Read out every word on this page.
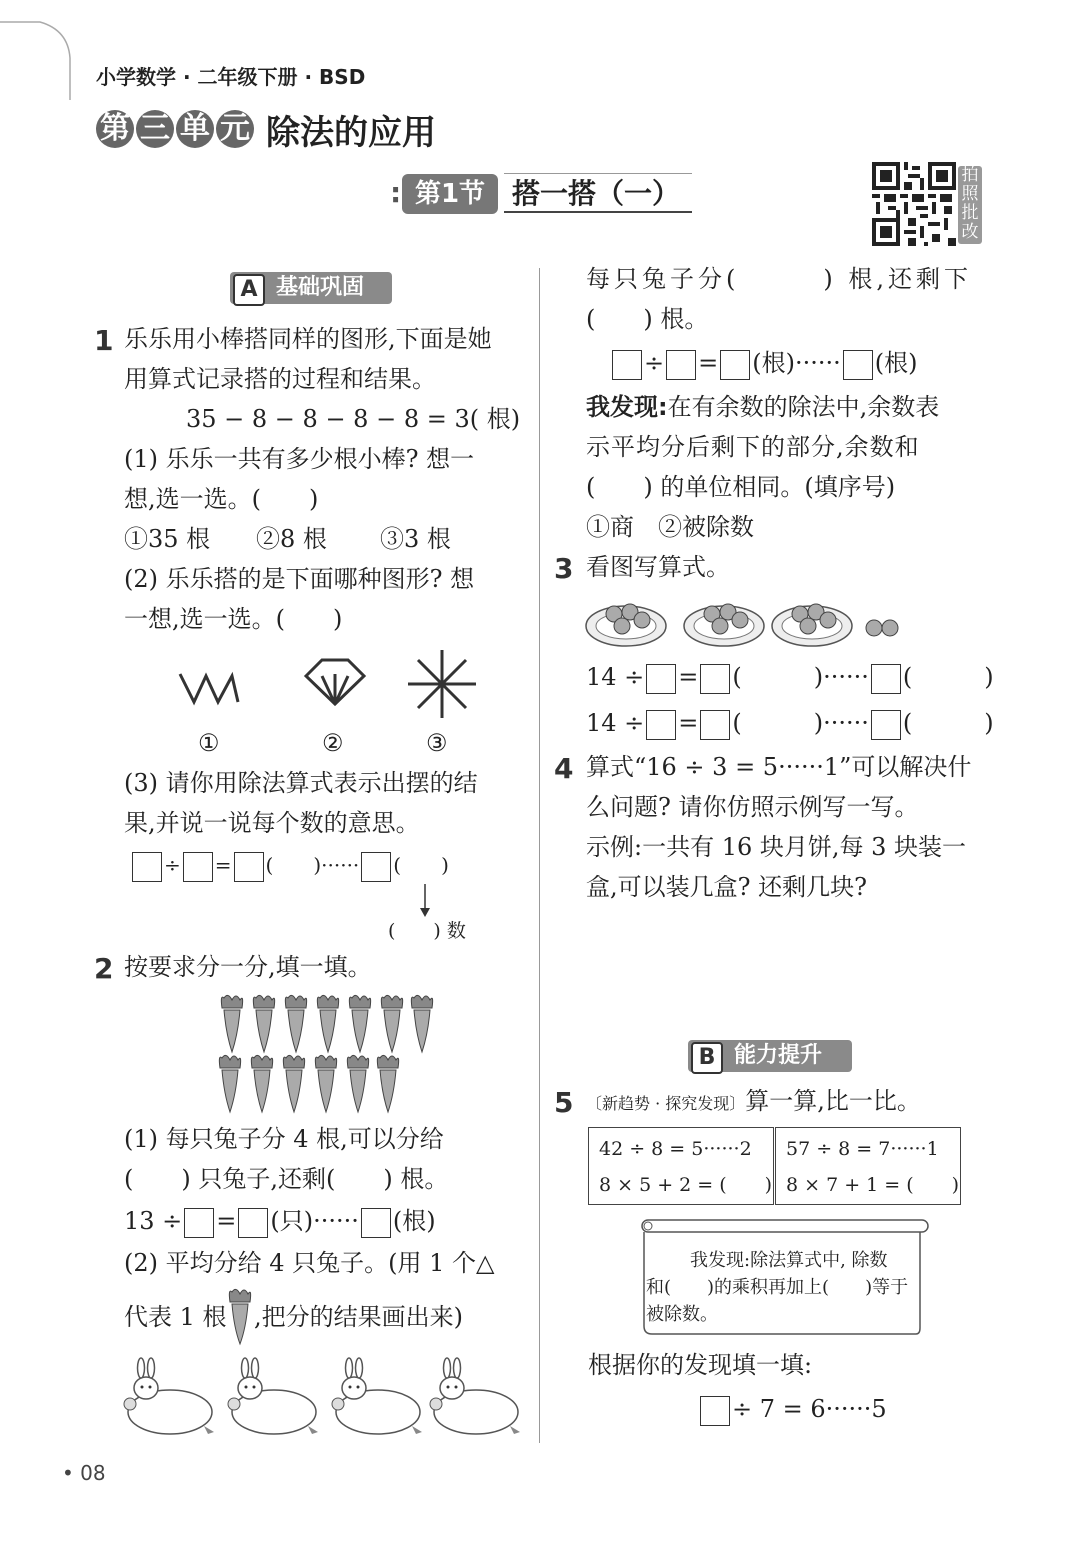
小学数学 · 二年级下册 · BSD
第 三 单 元 除法的应用
: 第1节 搭一搭（一）
拍
照
批
改
A 基础巩固
1 乐乐用小棒搭同样的图形,下面是她
用算式记录搭的过程和结果。
35 − 8 − 8 − 8 − 8 = 3( 根)
(1) 乐乐一共有多少根小棒? 想一
想,选一选。(　　)
①35 根 ②8 根 ③3 根
(2) 乐乐搭的是下面哪种图形? 想
一想,选一选。(　　)
①	②	③
(3) 请你用除法算式表示出摆的结
果,并说一说每个数的意思。
÷ = (　　)······ (　　)
(　　) 数
2 按要求分一分,填一填。
(1) 每只兔子分 4 根,可以分给
(　　) 只兔子,还剩(　　) 根。
13 ÷ = (只)······ (根)
(2) 平均分给 4 只兔子。(用 1 个△
代表 1 根 ,把分的结果画出来)
• 08
每只兔子分(　　　) 根,还剩下
(　　) 根。
÷ = (根)······ (根)
我发现:在有余数的除法中,余数表
示平均分后剩下的部分,余数和
(　　) 的单位相同。(填序号)
①商　②被除数
3 看图写算式。
14 ÷ = (　　　)······ (　　　)
14 ÷ = (　　　)······ (　　　)
4 算式“16 ÷ 3 = 5······1”可以解决什
么问题? 请你仿照示例写一写。
示例:一共有 16 块月饼,每 3 块装一
盒,可以装几盒? 还剩几块?
B 能力提升
5 〔新趋势 · 探究发现〕算一算,比一比。
42 ÷ 8 = 5······2
8 × 5 + 2 = (　　)
57 ÷ 8 = 7······1
8 × 7 + 1 = (　　)
我发现:除法算式中, 除数
和(　　)的乘积再加上(　　)等于
被除数。
根据你的发现填一填:
÷ 7 = 6······5
